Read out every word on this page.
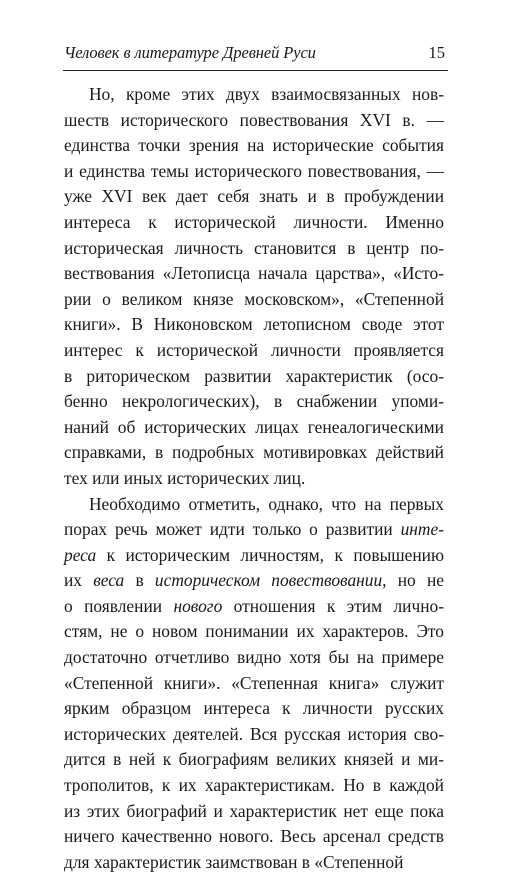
Человек в литературе Древней Руси	15
Но, кроме этих двух взаимосвязанных нов-
шеств исторического повествования XVI в. —
единства точки зрения на исторические события
и единства темы исторического повествования, —
уже XVI век дает себя знать и в пробуждении
интереса к исторической личности. Именно
историческая личность становится в центр по-
вествования «Летописца начала царства», «Исто-
рии о великом князе московском», «Степенной
книги». В Никоновском летописном своде этот
интерес к исторической личности проявляется
в риторическом развитии характеристик (осо-
бенно некрологических), в снабжении упоми-
наний об исторических лицах генеалогическими
справками, в подробных мотивировках действий
тех или иных исторических лиц.
Необходимо отметить, однако, что на первых
порах речь может идти только о развитии инте-
реса к историческим личностям, к повышению
их веса в историческом повествовании, но не
о появлении нового отношения к этим лично-
стям, не о новом понимании их характеров. Это
достаточно отчетливо видно хотя бы на примере
«Степенной книги». «Степенная книга» служит
ярким образцом интереса к личности русских
исторических деятелей. Вся русская история сво-
дится в ней к биографиям великих князей и ми-
трополитов, к их характеристикам. Но в каждой
из этих биографий и характеристик нет еще пока
ничего качественно нового. Весь арсенал средств
для характеристик заимствован в «Степенной
